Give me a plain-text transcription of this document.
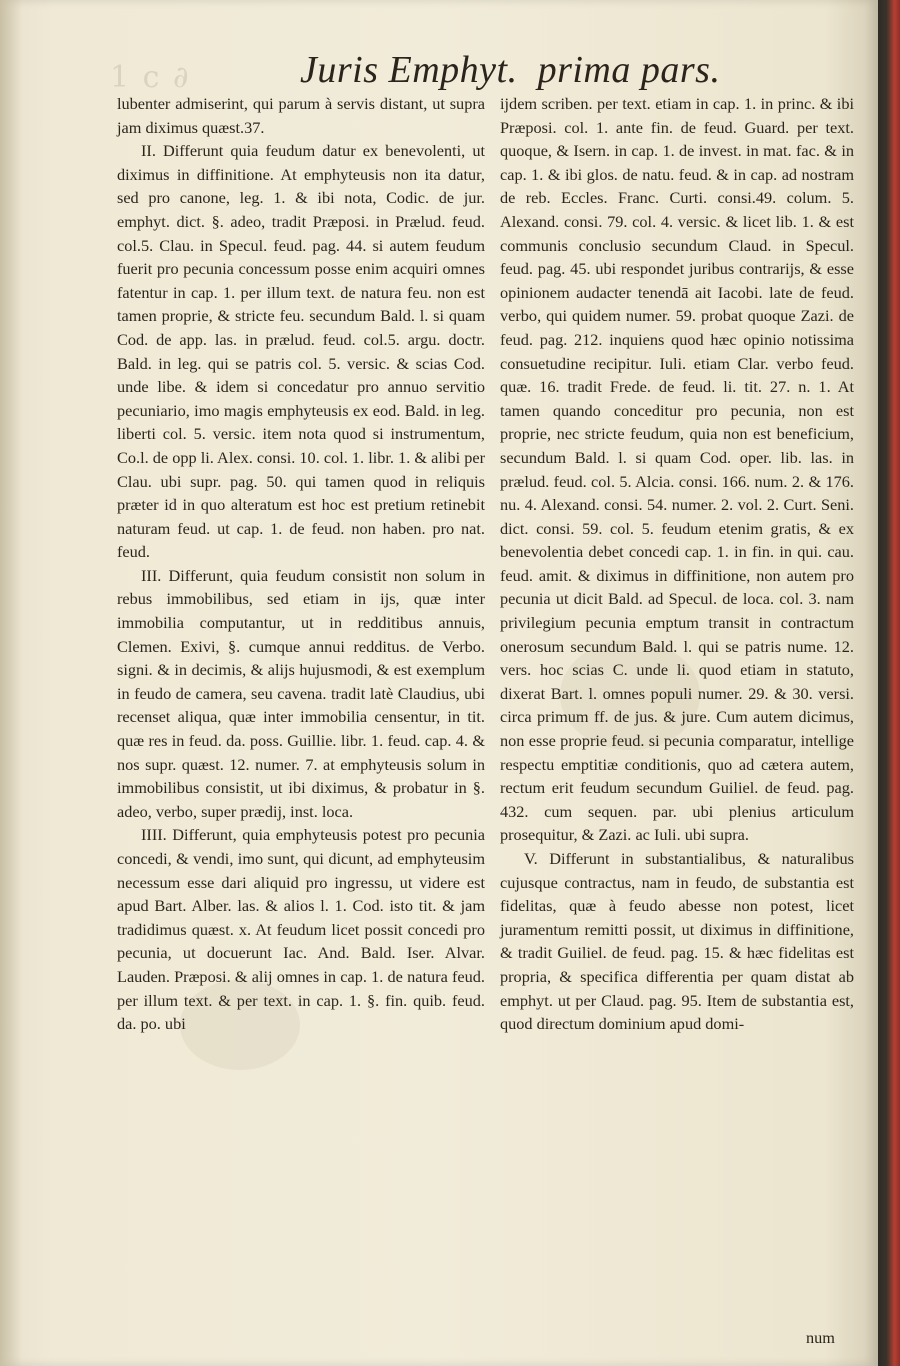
1 c ∂	Juris Emphyt. prima pars.

lubenter admiserint, qui parum à servis distant, ut supra jam diximus quæst.37.

II. Differunt quia feudum datur ex benevolenti, ut diximus in diffinitione. At emphyteusis non ita datur, sed pro canone, leg. 1. & ibi nota, Codic. de jur. emphyt. dict. §. adeo, tradit Præposi. in Prælud. feud. col.5. Clau. in Specul. feud. pag. 44. si autem feudum fuerit pro pecunia concessum posse enim acquiri omnes fatentur in cap. 1. per illum text. de natura feu. non est tamen proprie, & stricte feu. secundum Bald. l. si quam Cod. de app. las. in prælud. feud. col.5. argu. doctr. Bald. in leg. qui se patris col. 5. versic. & scias Cod. unde libe. & idem si concedatur pro annuo servitio pecuniario, imo magis emphyteusis ex eod. Bald. in leg. liberti col. 5. versic. item nota quod si instrumentum, Co.l. de opp li. Alex. consi. 10. col. 1. libr. 1. & alibi per Clau. ubi supr. pag. 50. qui tamen quod in reliquis præter id in quo alteratum est hoc est pretium retinebit naturam feud. ut cap. 1. de feud. non haben. pro nat. feud.

III. Differunt, quia feudum consistit non solum in rebus immobilibus, sed etiam in ijs, quæ inter immobilia computantur, ut in redditibus annuis, Clemen. Exivi, §. cumque annui redditus. de Verbo. signi. & in decimis, & alijs hujusmodi, & est exemplum in feudo de camera, seu cavena. tradit latè Claudius, ubi recenset aliqua, quæ inter immobilia censentur, in tit. quæ res in feud. da. poss. Guillie. libr. 1. feud. cap. 4. & nos supr. quæst. 12. numer. 7. at emphyteusis solum in immobilibus consistit, ut ibi diximus, & probatur in §. adeo, verbo, super prædij, inst. loca.

IIII. Differunt, quia emphyteusis potest pro pecunia concedi, & vendi, imo sunt, qui dicunt, ad emphyteusim necessum esse dari aliquid pro ingressu, ut videre est apud Bart. Alber. las. & alios l. 1. Cod. isto tit. & jam tradidimus quæst. x. At feudum licet possit concedi pro pecunia, ut docuerunt Iac. And. Bald. Iser. Alvar. Lauden. Præposi. & alij omnes in cap. 1. de natura feud. per illum text. & per text. in cap. 1. §. fin. quib. feud. da. po. ubi

ijdem scriben. per text. etiam in cap. 1. in princ. & ibi Præposi. col. 1. ante fin. de feud. Guard. per text. quoque, & Isern. in cap. 1. de invest. in mat. fac. & in cap. 1. & ibi glos. de natu. feud. & in cap. ad nostram de reb. Eccles. Franc. Curti. consi.49. colum. 5. Alexand. consi. 79. col. 4. versic. & licet lib. 1. & est communis conclusio secundum Claud. in Specul. feud. pag. 45. ubi respondet juribus contrarijs, & esse opinionem audacter tenendā ait Iacobi. late de feud. verbo, qui quidem numer. 59. probat quoque Zazi. de feud. pag. 212. inquiens quod hæc opinio notissima consuetudine recipitur. Iuli. etiam Clar. verbo feud. quæ. 16. tradit Frede. de feud. li. tit. 27. n. 1. At tamen quando conceditur pro pecunia, non est proprie, nec stricte feudum, quia non est beneficium, secundum Bald. l. si quam Cod. oper. lib. las. in prælud. feud. col. 5. Alcia. consi. 166. num. 2. & 176. nu. 4. Alexand. consi. 54. numer. 2. vol. 2. Curt. Seni. dict. consi. 59. col. 5. feudum etenim gratis, & ex benevolentia debet concedi cap. 1. in fin. in qui. cau. feud. amit. & diximus in diffinitione, non autem pro pecunia ut dicit Bald. ad Specul. de loca. col. 3. nam privilegium pecunia emptum transit in contractum onerosum secundum Bald. l. qui se patris nume. 12. vers. hoc scias C. unde li. quod etiam in statuto, dixerat Bart. l. omnes populi numer. 29. & 30. versi. circa primum ff. de jus. & jure. Cum autem dicimus, non esse proprie feud. si pecunia comparatur, intellige respectu emptitiæ conditionis, quo ad cætera autem, rectum erit feudum secundum Guiliel. de feud. pag. 432. cum sequen. par. ubi plenius articulum prosequitur, & Zazi. ac Iuli. ubi supra.

V. Differunt in substantialibus, & naturalibus cujusque contractus, nam in feudo, de substantia est fidelitas, quæ à feudo abesse non potest, licet juramentum remitti possit, ut diximus in diffinitione, & tradit Guiliel. de feud. pag. 15. & hæc fidelitas est propria, & specifica differentia per quam distat ab emphyt. ut per Claud. pag. 95. Item de substantia est, quod directum dominium apud domi-

num
